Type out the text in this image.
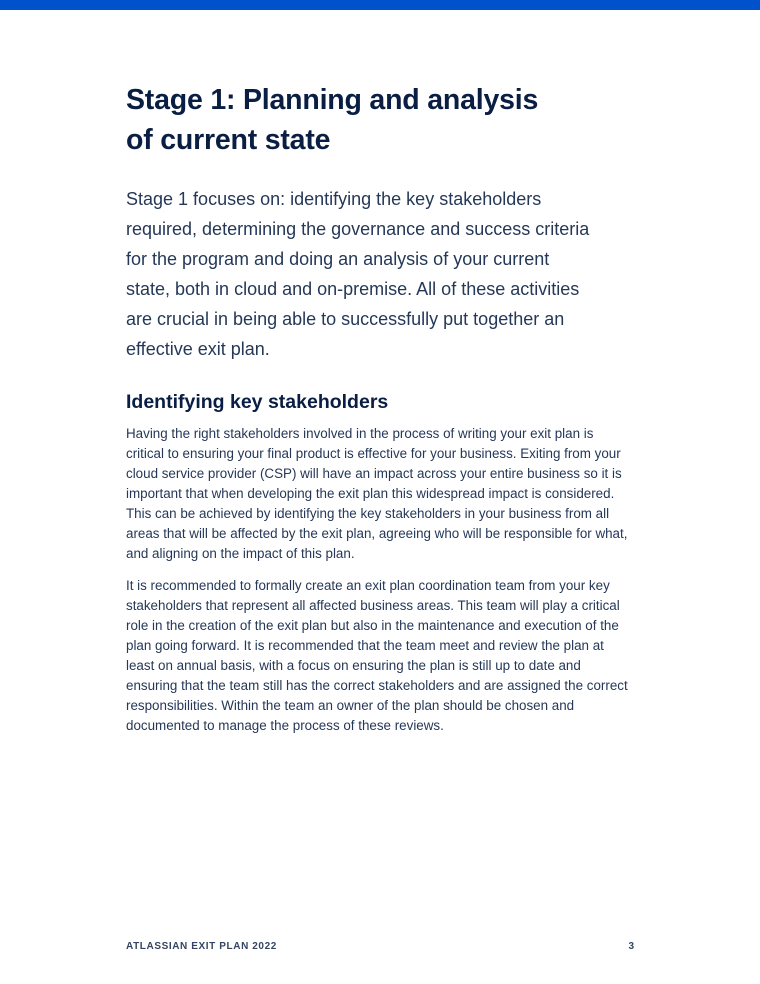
Stage 1: Planning and analysis
of current state

Stage 1 focuses on: identifying the key stakeholders required, determining the governance and success criteria for the program and doing an analysis of your current state, both in cloud and on-premise. All of these activities are crucial in being able to successfully put together an effective exit plan.

Identifying key stakeholders

Having the right stakeholders involved in the process of writing your exit plan is critical to ensuring your final product is effective for your business. Exiting from your cloud service provider (CSP) will have an impact across your entire business so it is important that when developing the exit plan this widespread impact is considered. This can be achieved by identifying the key stakeholders in your business from all areas that will be affected by the exit plan, agreeing who will be responsible for what, and aligning on the impact of this plan.

It is recommended to formally create an exit plan coordination team from your key stakeholders that represent all affected business areas. This team will play a critical role in the creation of the exit plan but also in the maintenance and execution of the plan going forward. It is recommended that the team meet and review the plan at least on annual basis, with a focus on ensuring the plan is still up to date and ensuring that the team still has the correct stakeholders and are assigned the correct responsibilities. Within the team an owner of the plan should be chosen and documented to manage the process of these reviews.

ATLASSIAN EXIT PLAN 2022	3
